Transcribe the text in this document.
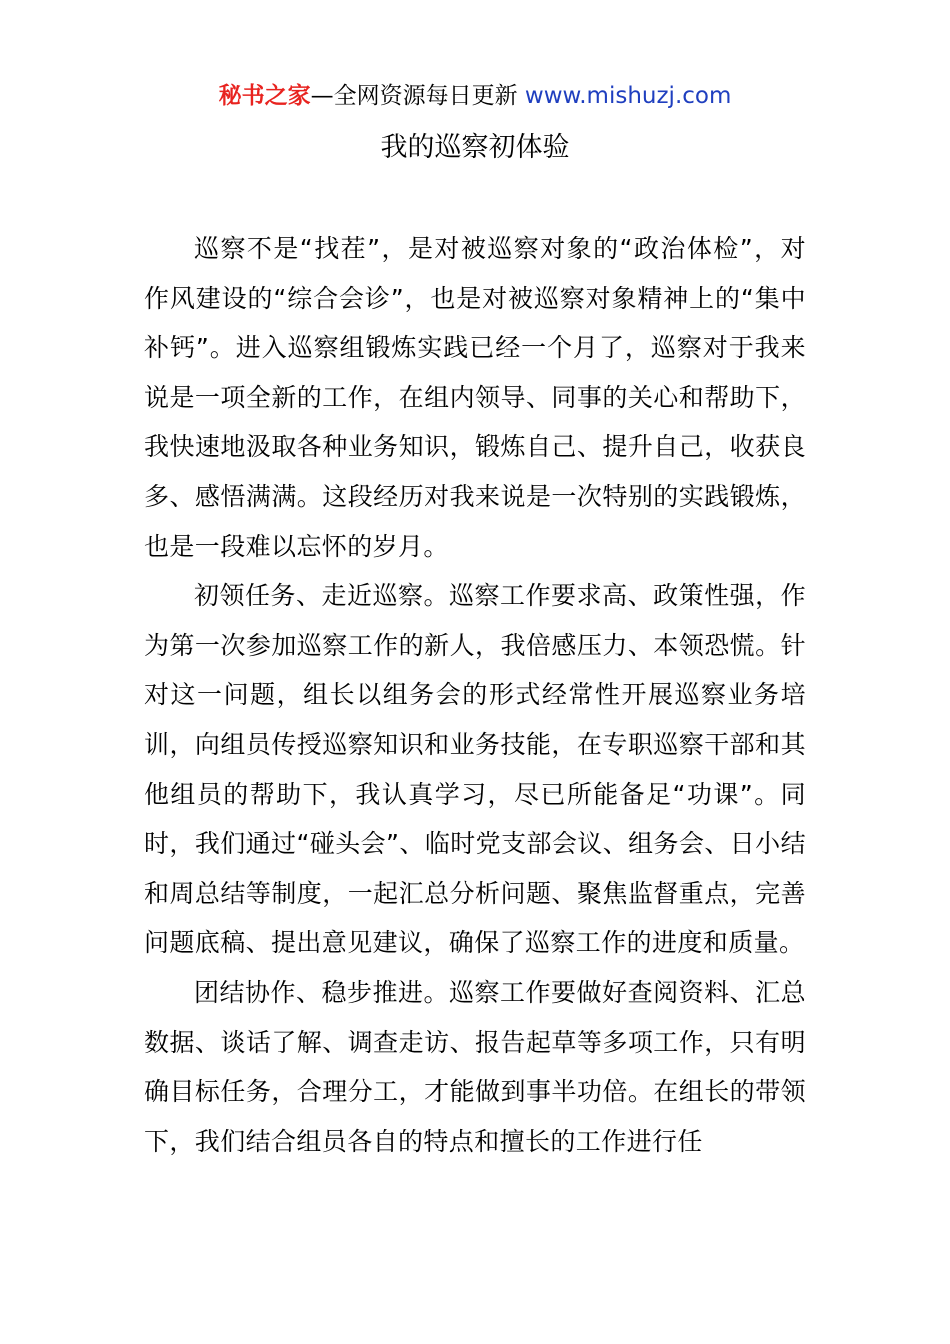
秘书之家—全网资源每日更新 www.mishuzj.com
我的巡察初体验

巡察不是“找茬”，是对被巡察对象的“政治体检”，对作风建设的“综合会诊”，也是对被巡察对象精神上的“集中补钙”。进入巡察组锻炼实践已经一个月了，巡察对于我来说是一项全新的工作，在组内领导、同事的关心和帮助下，我快速地汲取各种业务知识，锻炼自己、提升自己，收获良多、感悟满满。这段经历对我来说是一次特别的实践锻炼，也是一段难以忘怀的岁月。

初领任务、走近巡察。巡察工作要求高、政策性强，作为第一次参加巡察工作的新人，我倍感压力、本领恐慌。针对这一问题，组长以组务会的形式经常性开展巡察业务培训，向组员传授巡察知识和业务技能，在专职巡察干部和其他组员的帮助下，我认真学习，尽已所能备足“功课”。同时，我们通过“碰头会”、临时党支部会议、组务会、日小结和周总结等制度，一起汇总分析问题、聚焦监督重点，完善问题底稿、提出意见建议，确保了巡察工作的进度和质量。

团结协作、稳步推进。巡察工作要做好查阅资料、汇总数据、谈话了解、调查走访、报告起草等多项工作，只有明确目标任务，合理分工，才能做到事半功倍。在组长的带领下，我们结合组员各自的特点和擅长的工作进行任
